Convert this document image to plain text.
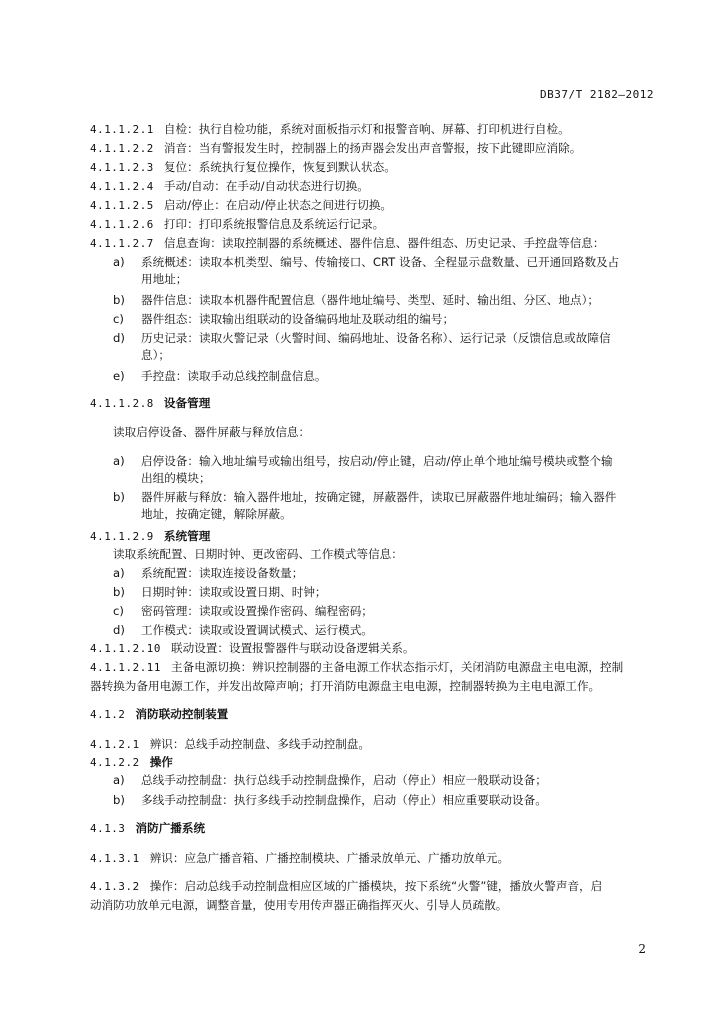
DB37/T 2182—2012
4.1.1.2.1 自检：执行自检功能，系统对面板指示灯和报警音响、屏幕、打印机进行自检。
4.1.1.2.2 消音：当有警报发生时，控制器上的扬声器会发出声音警报，按下此键即应消除。
4.1.1.2.3 复位：系统执行复位操作，恢复到默认状态。
4.1.1.2.4 手动/自动：在手动/自动状态进行切换。
4.1.1.2.5 启动/停止：在启动/停止状态之间进行切换。
4.1.1.2.6 打印：打印系统报警信息及系统运行记录。
4.1.1.2.7 信息查询：读取控制器的系统概述、器件信息、器件组态、历史记录、手控盘等信息：
a) 系统概述：读取本机类型、编号、传输接口、CRT 设备、全程显示盘数量、已开通回路数及占
用地址；
b) 器件信息：读取本机器件配置信息（器件地址编号、类型、延时、输出组、分区、地点）；
c) 器件组态：读取输出组联动的设备编码地址及联动组的编号；
d) 历史记录：读取火警记录（火警时间、编码地址、设备名称）、运行记录（反馈信息或故障信
息）；
e) 手控盘：读取手动总线控制盘信息。
4.1.1.2.8 设备管理
读取启停设备、器件屏蔽与释放信息：
a) 启停设备：输入地址编号或输出组号，按启动/停止键，启动/停止单个地址编号模块或整个输
出组的模块；
b) 器件屏蔽与释放：输入器件地址，按确定键，屏蔽器件，读取已屏蔽器件地址编码；输入器件
地址，按确定键，解除屏蔽。
4.1.1.2.9 系统管理
读取系统配置、日期时钟、更改密码、工作模式等信息：
a) 系统配置：读取连接设备数量；
b) 日期时钟：读取或设置日期、时钟；
c) 密码管理：读取或设置操作密码、编程密码；
d) 工作模式：读取或设置调试模式、运行模式。
4.1.1.2.10 联动设置：设置报警器件与联动设备逻辑关系。
4.1.1.2.11 主备电源切换：辨识控制器的主备电源工作状态指示灯，关闭消防电源盘主电电源，控制
器转换为备用电源工作，并发出故障声响；打开消防电源盘主电电源，控制器转换为主电电源工作。
4.1.2 消防联动控制装置
4.1.2.1 辨识：总线手动控制盘、多线手动控制盘。
4.1.2.2 操作
a) 总线手动控制盘：执行总线手动控制盘操作，启动（停止）相应一般联动设备；
b) 多线手动控制盘：执行多线手动控制盘操作，启动（停止）相应重要联动设备。
4.1.3 消防广播系统
4.1.3.1 辨识：应急广播音箱、广播控制模块、广播录放单元、广播功放单元。
4.1.3.2 操作：启动总线手动控制盘相应区域的广播模块，按下系统“火警”键，播放火警声音，启
动消防功放单元电源，调整音量，使用专用传声器正确指挥灭火、引导人员疏散。
2
